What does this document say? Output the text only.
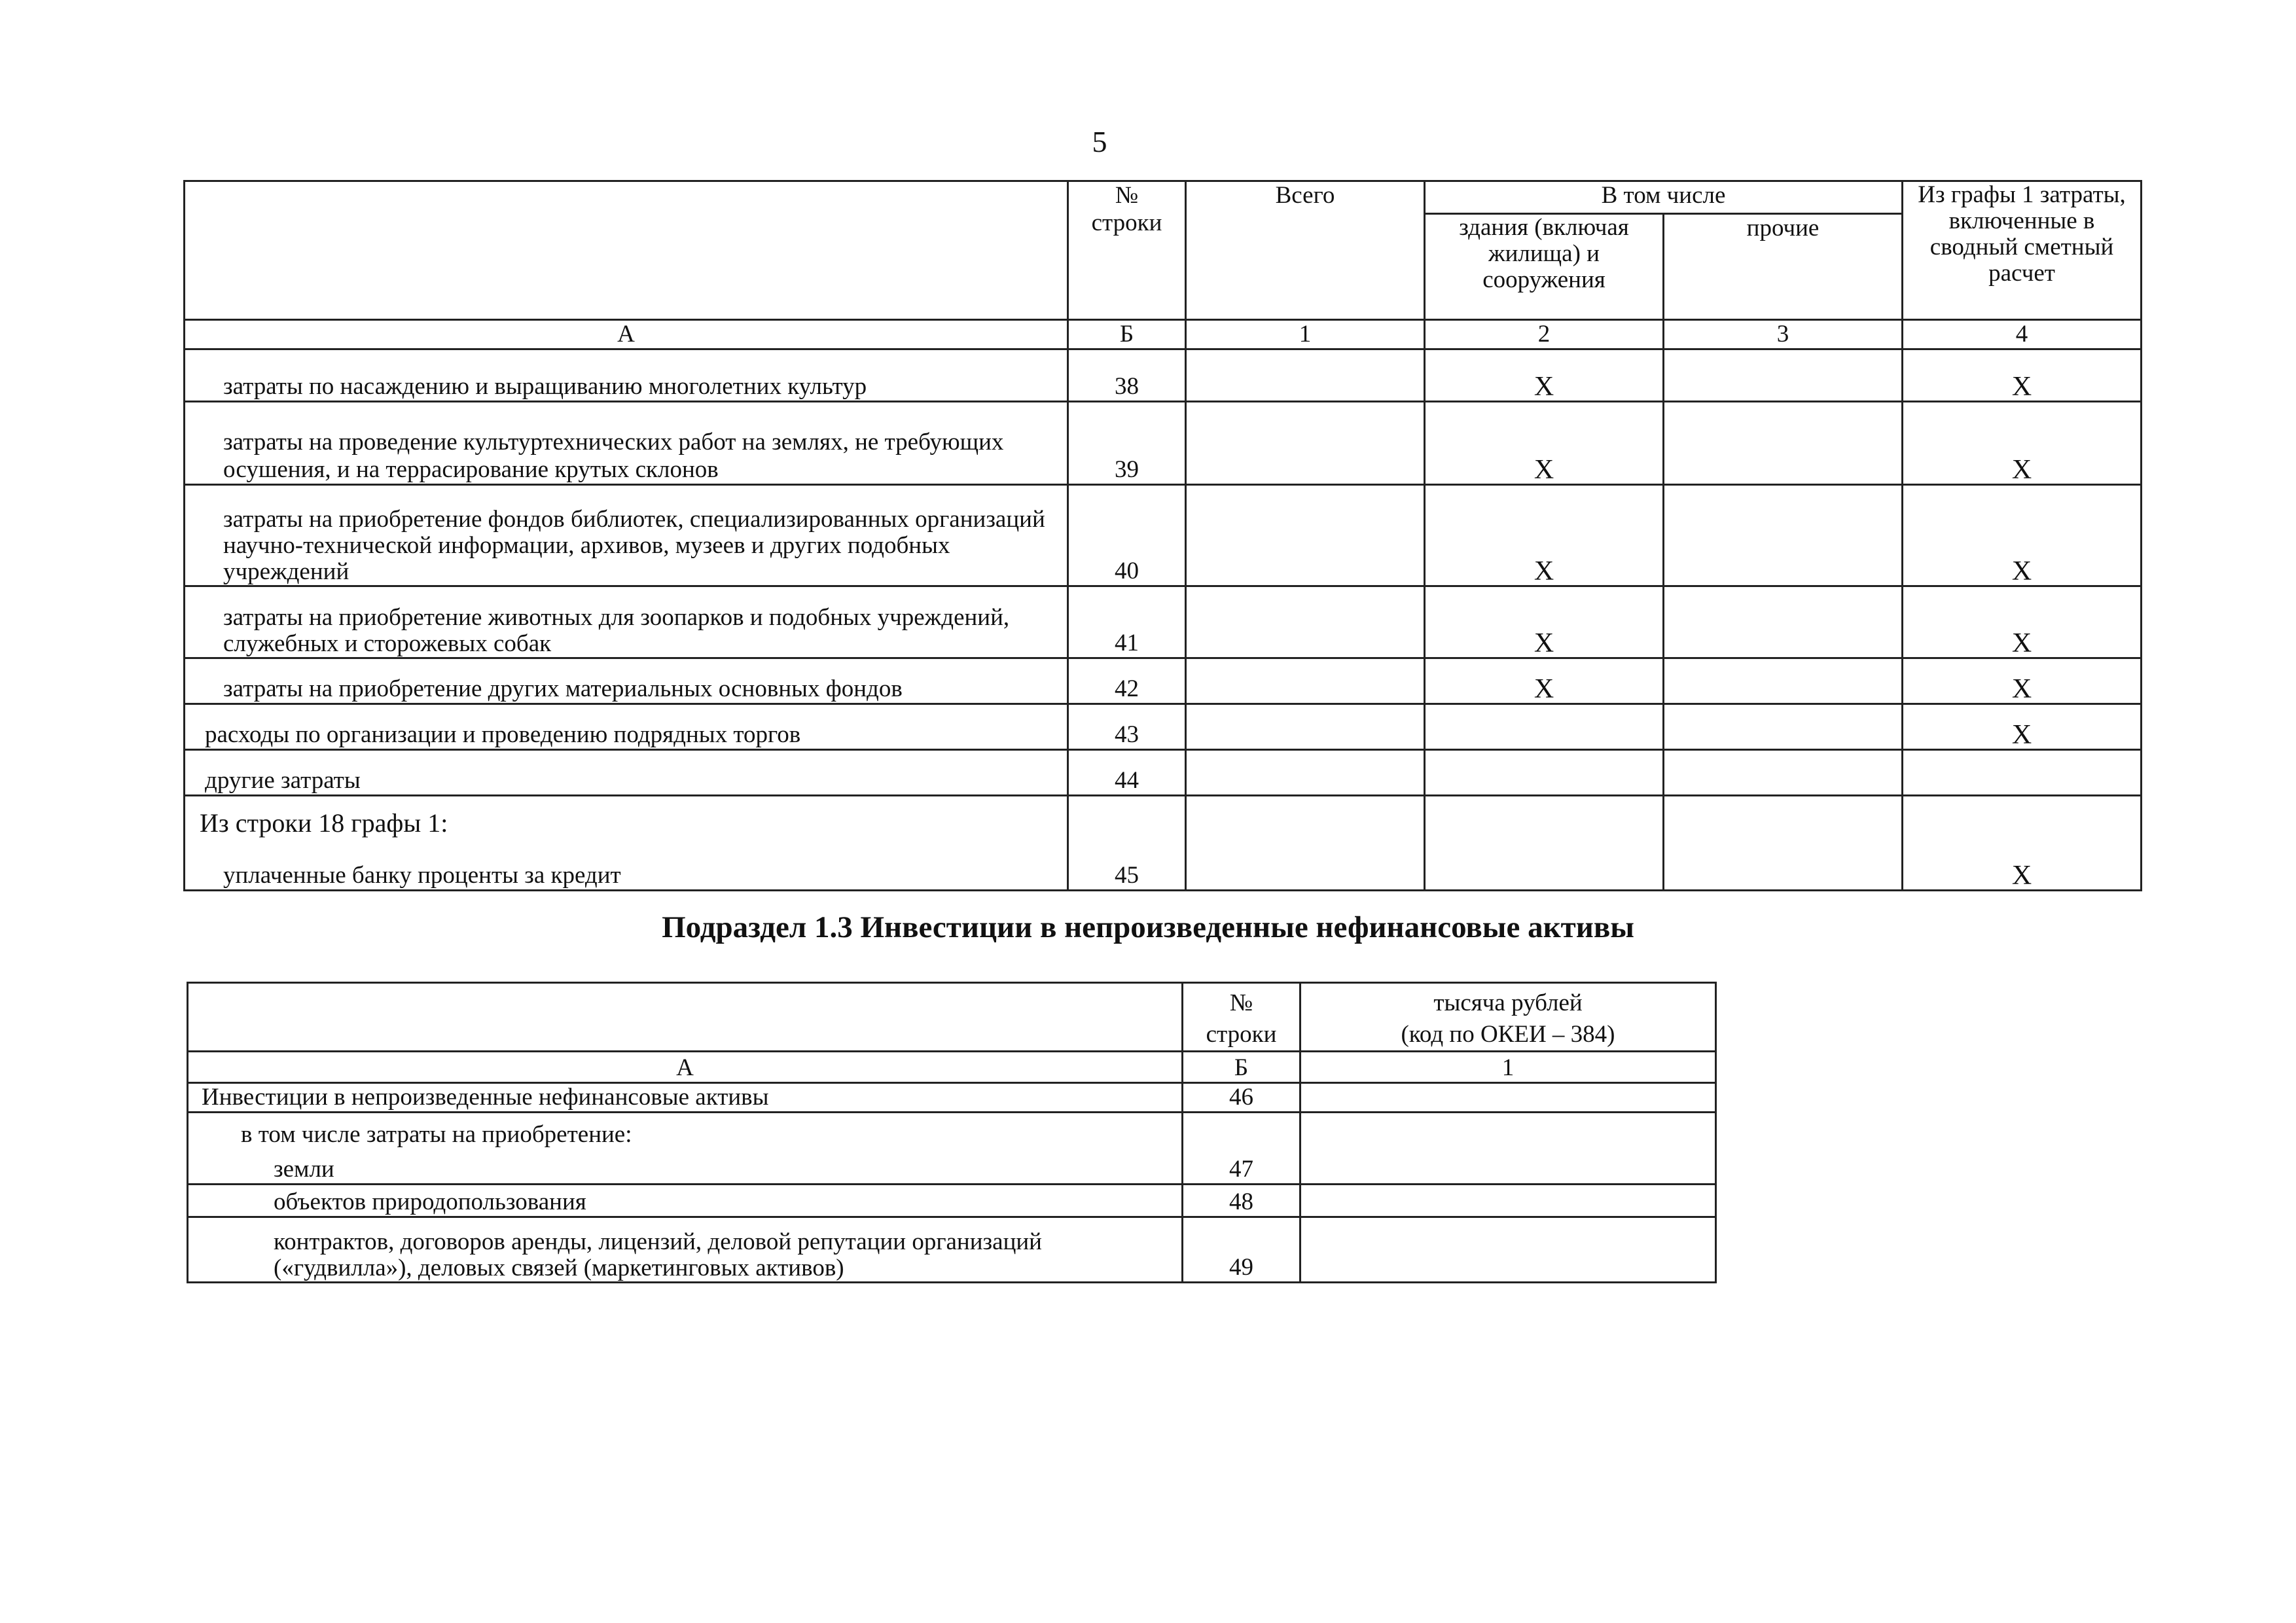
5
	№
строки	Всего	В том числе		Из графы 1 затраты, включенные в сводный сметный расчет
			здания (включая жилища) и сооружения	прочие	
А	Б	1	2	3	4
затраты по насаждению и выращиванию многолетних культур	38		X		X
затраты на проведение культуртехнических работ на землях, не требующих осушения, и на террасирование крутых склонов	39		X		X
затраты на приобретение фондов библиотек, специализированных организаций научно-технической информации, архивов, музеев и других подобных учреждений	40		X		X
затраты на приобретение животных для зоопарков и подобных учреждений, служебных и сторожевых собак	41		X		X
затраты на приобретение других материальных основных фондов	42		X		X
расходы по организации и проведению подрядных торгов	43				X
другие затраты	44				

Из строки 18 графы 1:
уплаченные банку проценты за кредит	45				X
Подраздел 1.3 Инвестиции в непроизведенные нефинансовые активы
	№
строки	тысяча рублей
(код по ОКЕИ – 384)
А	Б	1
Инвестиции в непроизведенные нефинансовые активы	46	

в том числе затраты на приобретение:
земли	47	
объектов природопользования	48	
контрактов, договоров аренды, лицензий, деловой репутации организаций («гудвилла»), деловых связей (маркетинговых активов)	49	
